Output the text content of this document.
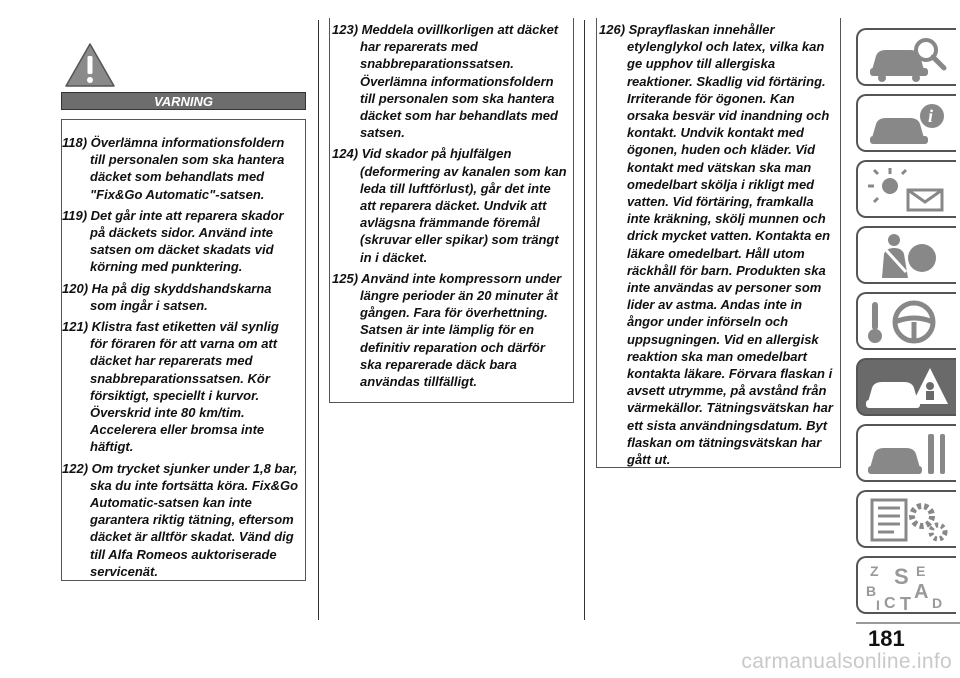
VARNING

118) Överlämna informationsfoldern till personalen som ska hantera däcket som behandlats med "Fix&Go Automatic"-satsen.

119) Det går inte att reparera skador på däckets sidor. Använd inte satsen om däcket skadats vid körning med punktering.

120) Ha på dig skyddshandskarna som ingår i satsen.

121) Klistra fast etiketten väl synlig för föraren för att varna om att däcket har reparerats med snabbreparationssatsen. Kör försiktigt, speciellt i kurvor. Överskrid inte 80 km/tim. Accelerera eller bromsa inte häftigt.

122) Om trycket sjunker under 1,8 bar, ska du inte fortsätta köra. Fix&Go Automatic-satsen kan inte garantera riktig tätning, eftersom däcket är alltför skadat. Vänd dig till Alfa Romeos auktoriserade servicenät.

123) Meddela ovillkorligen att däcket har reparerats med snabbreparationssatsen. Överlämna informationsfoldern till personalen som ska hantera däcket som har behandlats med satsen.

124) Vid skador på hjulfälgen (deformering av kanalen som kan leda till luftförlust), går det inte att reparera däcket. Undvik att avlägsna främmande föremål (skruvar eller spikar) som trängt in i däcket.

125) Använd inte kompressorn under längre perioder än 20 minuter åt gången. Fara för överhettning. Satsen är inte lämplig för en definitiv reparation och därför ska reparerade däck bara användas tillfälligt.

126) Sprayflaskan innehåller etylenglykol och latex, vilka kan ge upphov till allergiska reaktioner. Skadlig vid förtäring. Irriterande för ögonen. Kan orsaka besvär vid inandning och kontakt. Undvik kontakt med ögonen, huden och kläder. Vid kontakt med vätskan ska man omedelbart skölja i rikligt med vatten. Vid förtäring, framkalla inte kräkning, skölj munnen och drick mycket vatten. Kontakta en läkare omedelbart. Håll utom räckhåll för barn. Produkten ska inte användas av personer som lider av astma. Andas inte in ångor under införseln och uppsugningen. Vid en allergisk reaktion ska man omedelbart kontakta läkare. Förvara flaskan i avsett utrymme, på avstånd från värmekällor. Tätningsvätskan har ett sista användningsdatum. Byt flaskan om tätningsvätskan har gått ut.

i
Z	E
S
B A
C	D
T
I
181
carmanualsonline.info
